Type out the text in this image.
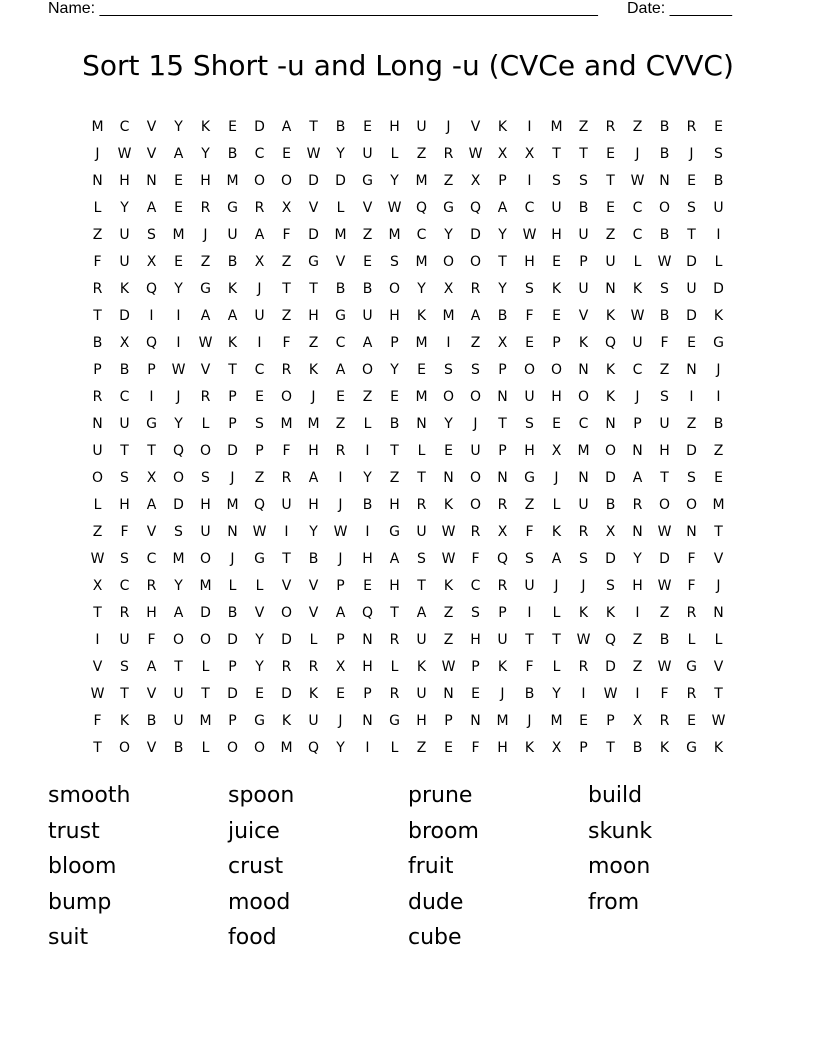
Name: ________________________________________________________ Date: _______
Sort 15 Short -u and Long -u (CVCe and CVVC)
M	C	V	Y	K	E	D	A	T	B	E	H	U	J	V	K	I	M	Z	R	Z	B	R	E
J	W	V	A	Y	B	C	E	W	Y	U	L	Z	R	W	X	X	T	T	E	J	B	J	S
N	H	N	E	H	M	O	O	D	D	G	Y	M	Z	X	P	I	S	S	T	W	N	E	B
L	Y	A	E	R	G	R	X	V	L	V	W	Q	G	Q	A	C	U	B	E	C	O	S	U
Z	U	S	M	J	U	A	F	D	M	Z	M	C	Y	D	Y	W	H	U	Z	C	B	T	I
F	U	X	E	Z	B	X	Z	G	V	E	S	M	O	O	T	H	E	P	U	L	W	D	L
R	K	Q	Y	G	K	J	T	T	B	B	O	Y	X	R	Y	S	K	U	N	K	S	U	D
T	D	I	I	A	A	U	Z	H	G	U	H	K	M	A	B	F	E	V	K	W	B	D	K
B	X	Q	I	W	K	I	F	Z	C	A	P	M	I	Z	X	E	P	K	Q	U	F	E	G
P	B	P	W	V	T	C	R	K	A	O	Y	E	S	S	P	O	O	N	K	C	Z	N	J
R	C	I	J	R	P	E	O	J	E	Z	E	M	O	O	N	U	H	O	K	J	S	I	I
N	U	G	Y	L	P	S	M	M	Z	L	B	N	Y	J	T	S	E	C	N	P	U	Z	B
U	T	T	Q	O	D	P	F	H	R	I	T	L	E	U	P	H	X	M	O	N	H	D	Z
O	S	X	O	S	J	Z	R	A	I	Y	Z	T	N	O	N	G	J	N	D	A	T	S	E
L	H	A	D	H	M	Q	U	H	J	B	H	R	K	O	R	Z	L	U	B	R	O	O	M
Z	F	V	S	U	N	W	I	Y	W	I	G	U	W	R	X	F	K	R	X	N	W	N	T
W	S	C	M	O	J	G	T	B	J	H	A	S	W	F	Q	S	A	S	D	Y	D	F	V
X	C	R	Y	M	L	L	V	V	P	E	H	T	K	C	R	U	J	J	S	H	W	F	J
T	R	H	A	D	B	V	O	V	A	Q	T	A	Z	S	P	I	L	K	K	I	Z	R	N
I	U	F	O	O	D	Y	D	L	P	N	R	U	Z	H	U	T	T	W	Q	Z	B	L	L
V	S	A	T	L	P	Y	R	R	X	H	L	K	W	P	K	F	L	R	D	Z	W	G	V
W	T	V	U	T	D	E	D	K	E	P	R	U	N	E	J	B	Y	I	W	I	F	R	T
F	K	B	U	M	P	G	K	U	J	N	G	H	P	N	M	J	M	E	P	X	R	E	W
T	O	V	B	L	O	O	M	Q	Y	I	L	Z	E	F	H	K	X	P	T	B	K	G	K
smooth	spoon	prune	build
trust	juice	broom	skunk
bloom	crust	fruit	moon
bump	mood	dude	from
suit	food	cube
